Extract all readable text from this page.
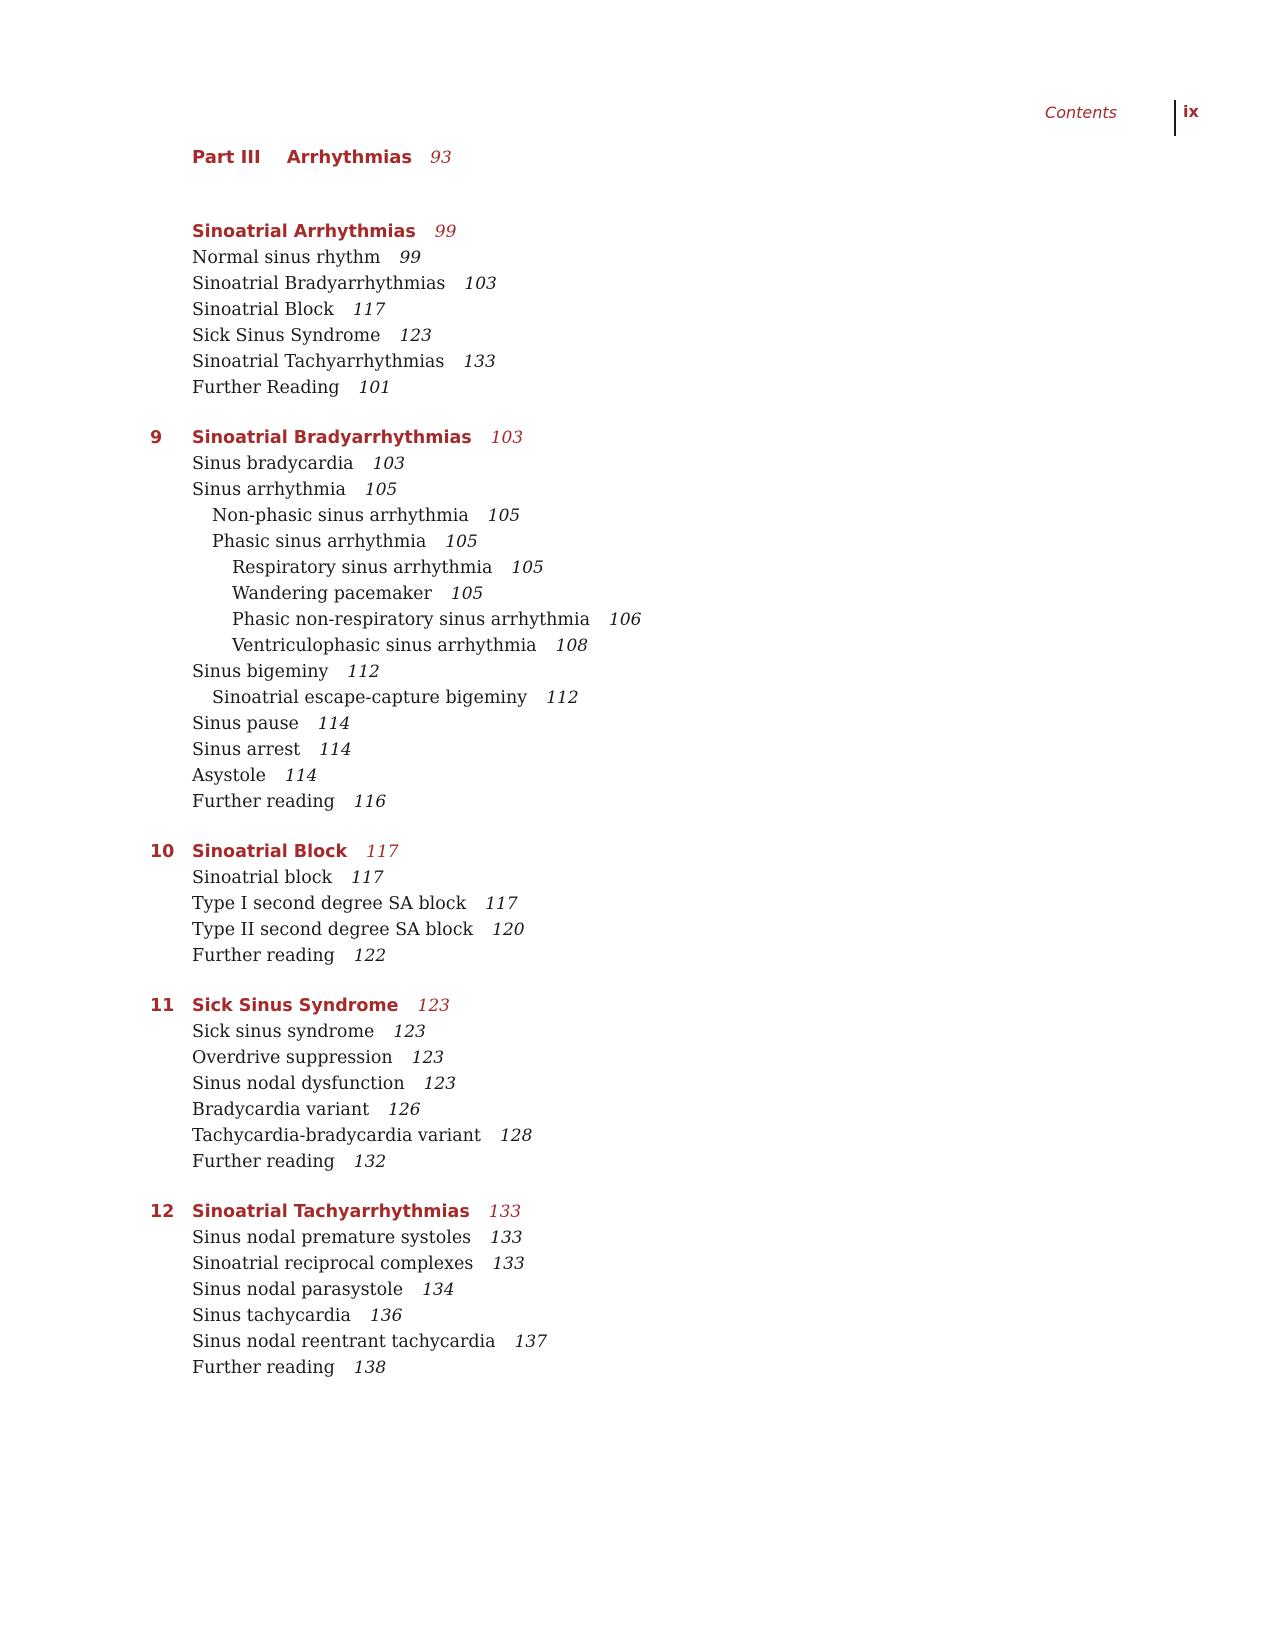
Contents	ix
Part III Arrhythmias 93
Sinoatrial Arrhythmias 99
Normal sinus rhythm 99
Sinoatrial Bradyarrhythmias 103
Sinoatrial Block 117
Sick Sinus Syndrome 123
Sinoatrial Tachyarrhythmias 133
Further Reading 101
9 Sinoatrial Bradyarrhythmias 103
Sinus bradycardia 103
Sinus arrhythmia 105
Non-phasic sinus arrhythmia 105
Phasic sinus arrhythmia 105
Respiratory sinus arrhythmia 105
Wandering pacemaker 105
Phasic non-respiratory sinus arrhythmia 106
Ventriculophasic sinus arrhythmia 108
Sinus bigeminy 112
Sinoatrial escape-capture bigeminy 112
Sinus pause 114
Sinus arrest 114
Asystole 114
Further reading 116
10 Sinoatrial Block 117
Sinoatrial block 117
Type I second degree SA block 117
Type II second degree SA block 120
Further reading 122
11 Sick Sinus Syndrome 123
Sick sinus syndrome 123
Overdrive suppression 123
Sinus nodal dysfunction 123
Bradycardia variant 126
Tachycardia-bradycardia variant 128
Further reading 132
12 Sinoatrial Tachyarrhythmias 133
Sinus nodal premature systoles 133
Sinoatrial reciprocal complexes 133
Sinus nodal parasystole 134
Sinus tachycardia 136
Sinus nodal reentrant tachycardia 137
Further reading 138
